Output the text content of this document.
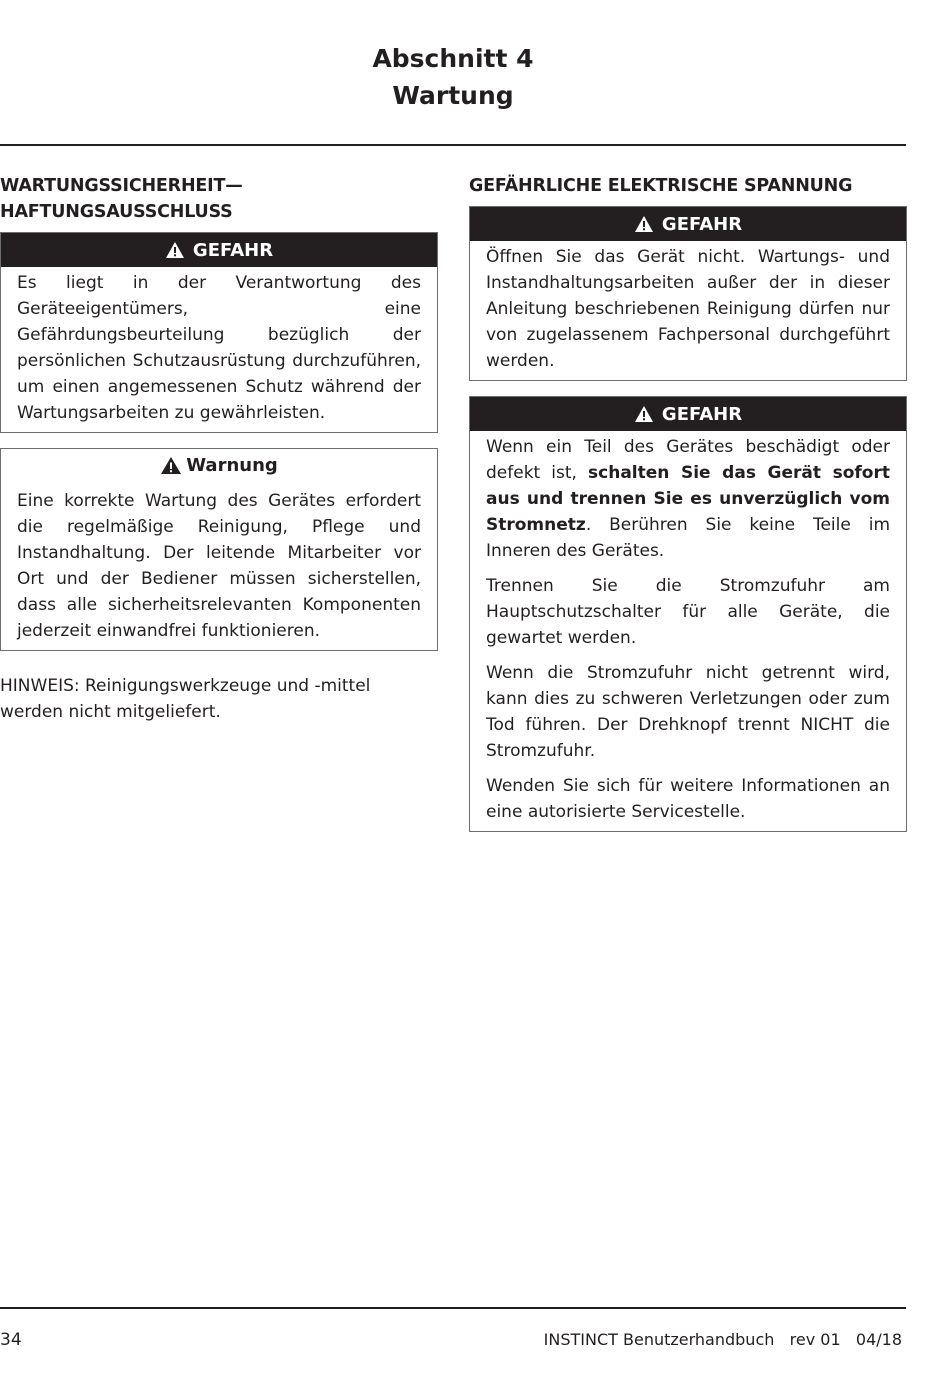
Abschnitt 4
Wartung
WARTUNGSSICHERHEIT—
HAFTUNGSAUSSCHLUSS
GEFAHR

Es liegt in der Verantwortung des Geräteeigentümers, eine Gefährdungsbeurteilung bezüglich der persönlichen Schutzausrüstung durchzuführen, um einen angemessenen Schutz während der Wartungsarbeiten zu gewährleisten.

Warnung

Eine korrekte Wartung des Gerätes erfordert die regelmäßige Reinigung, Pflege und Instandhaltung. Der leitende Mitarbeiter vor Ort und der Bediener müssen sicherstellen, dass alle sicherheitsrelevanten Komponenten jederzeit einwandfrei funktionieren.

HINWEIS: Reinigungswerkzeuge und -mittel werden nicht mitgeliefert.

GEFÄHRLICHE ELEKTRISCHE SPANNUNG
GEFAHR

Öffnen Sie das Gerät nicht. Wartungs- und Instandhaltungsarbeiten außer der in dieser Anleitung beschriebenen Reinigung dürfen nur von zugelassenem Fachpersonal durchgeführt werden.

GEFAHR

Wenn ein Teil des Gerätes beschädigt oder defekt ist, schalten Sie das Gerät sofort aus und trennen Sie es unverzüglich vom Stromnetz. Berühren Sie keine Teile im Inneren des Gerätes.

Trennen Sie die Stromzufuhr am Hauptschutzschalter für alle Geräte, die gewartet werden.

Wenn die Stromzufuhr nicht getrennt wird, kann dies zu schweren Verletzungen oder zum Tod führen. Der Drehknopf trennt NICHT die Stromzufuhr.

Wenden Sie sich für weitere Informationen an eine autorisierte Servicestelle.

34	INSTINCT Benutzerhandbuch   rev 01   04/18
